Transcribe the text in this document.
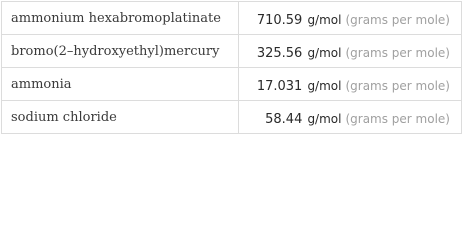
ammonium hexabromoplatinate	710.59 g/mol (grams per mole)
bromo(2–hydroxyethyl)mercury	325.56 g/mol (grams per mole)
ammonia	17.031 g/mol (grams per mole)
sodium chloride	58.44 g/mol (grams per mole)
